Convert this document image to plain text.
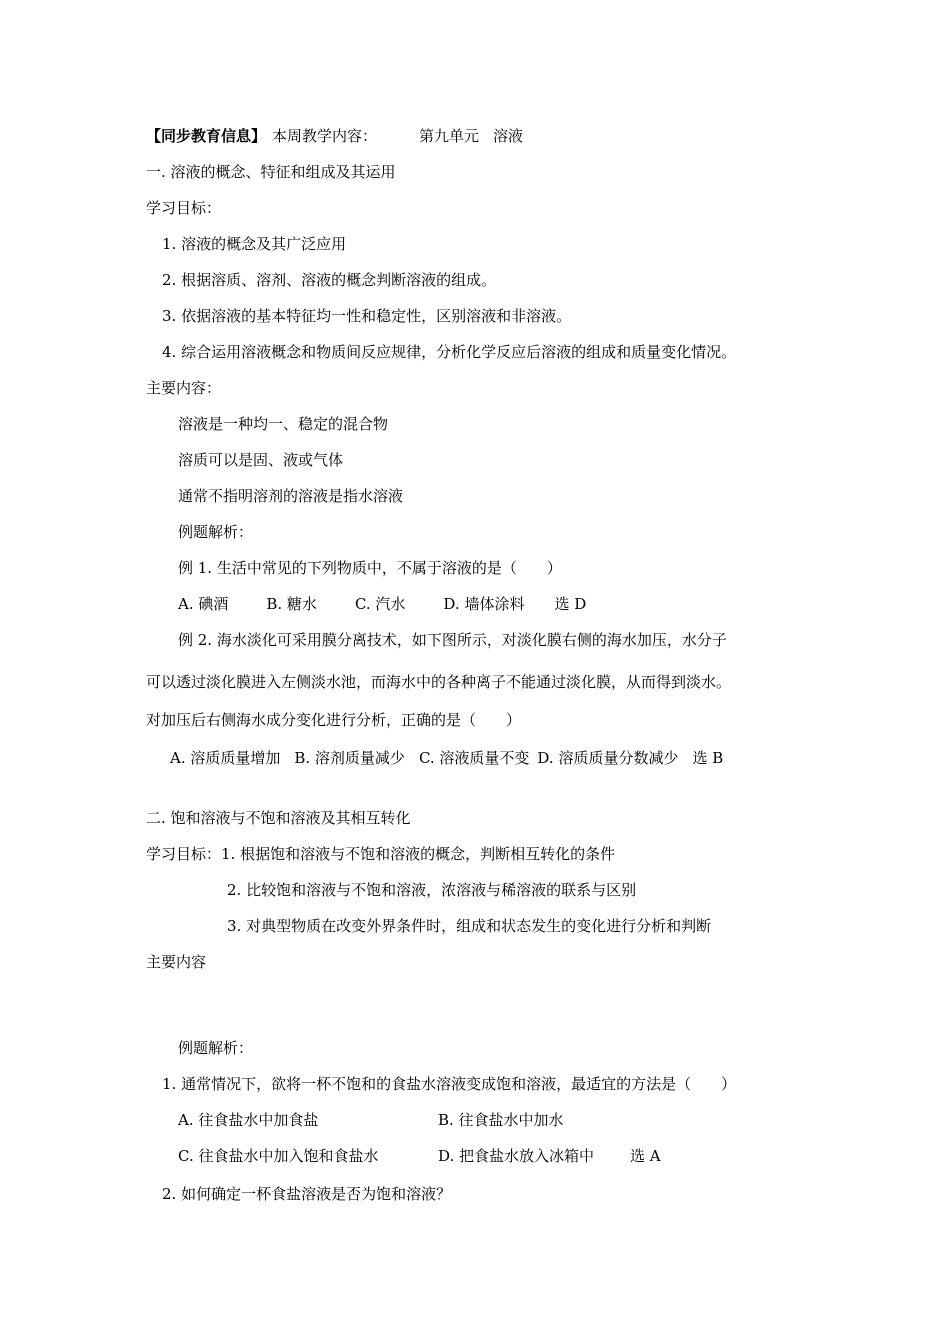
【同步教育信息】 本周教学内容：	第九单元 溶液
一. 溶液的概念、特征和组成及其运用
学习目标：
1. 溶液的概念及其广泛应用
2. 根据溶质、溶剂、溶液的概念判断溶液的组成。
3. 依据溶液的基本特征均一性和稳定性，区别溶液和非溶液。
4. 综合运用溶液概念和物质间反应规律，分析化学反应后溶液的组成和质量变化情况。
主要内容：
溶液是一种均一、稳定的混合物
溶质可以是固、液或气体
通常不指明溶剂的溶液是指水溶液
例题解析：
例 1. 生活中常见的下列物质中，不属于溶液的是（　　）
A. 碘酒	B. 糖水	C. 汽水	D. 墙体涂料 选 D
例 2. 海水淡化可采用膜分离技术，如下图所示，对淡化膜右侧的海水加压，水分子
可以透过淡化膜进入左侧淡水池，而海水中的各种离子不能通过淡化膜，从而得到淡水。
对加压后右侧海水成分变化进行分析，正确的是（　　）
A. 溶质质量增加 B. 溶剂质量减少 C. 溶液质量不变 D. 溶质质量分数减少 选 B
二. 饱和溶液与不饱和溶液及其相互转化
学习目标：1. 根据饱和溶液与不饱和溶液的概念，判断相互转化的条件
2. 比较饱和溶液与不饱和溶液，浓溶液与稀溶液的联系与区别
3. 对典型物质在改变外界条件时，组成和状态发生的变化进行分析和判断
主要内容
例题解析：
1. 通常情况下，欲将一杯不饱和的食盐水溶液变成饱和溶液，最适宜的方法是（　　）
A. 往食盐水中加食盐	B. 往食盐水中加水
C. 往食盐水中加入饱和食盐水	D. 把食盐水放入冰箱中 选 A
2. 如何确定一杯食盐溶液是否为饱和溶液？
